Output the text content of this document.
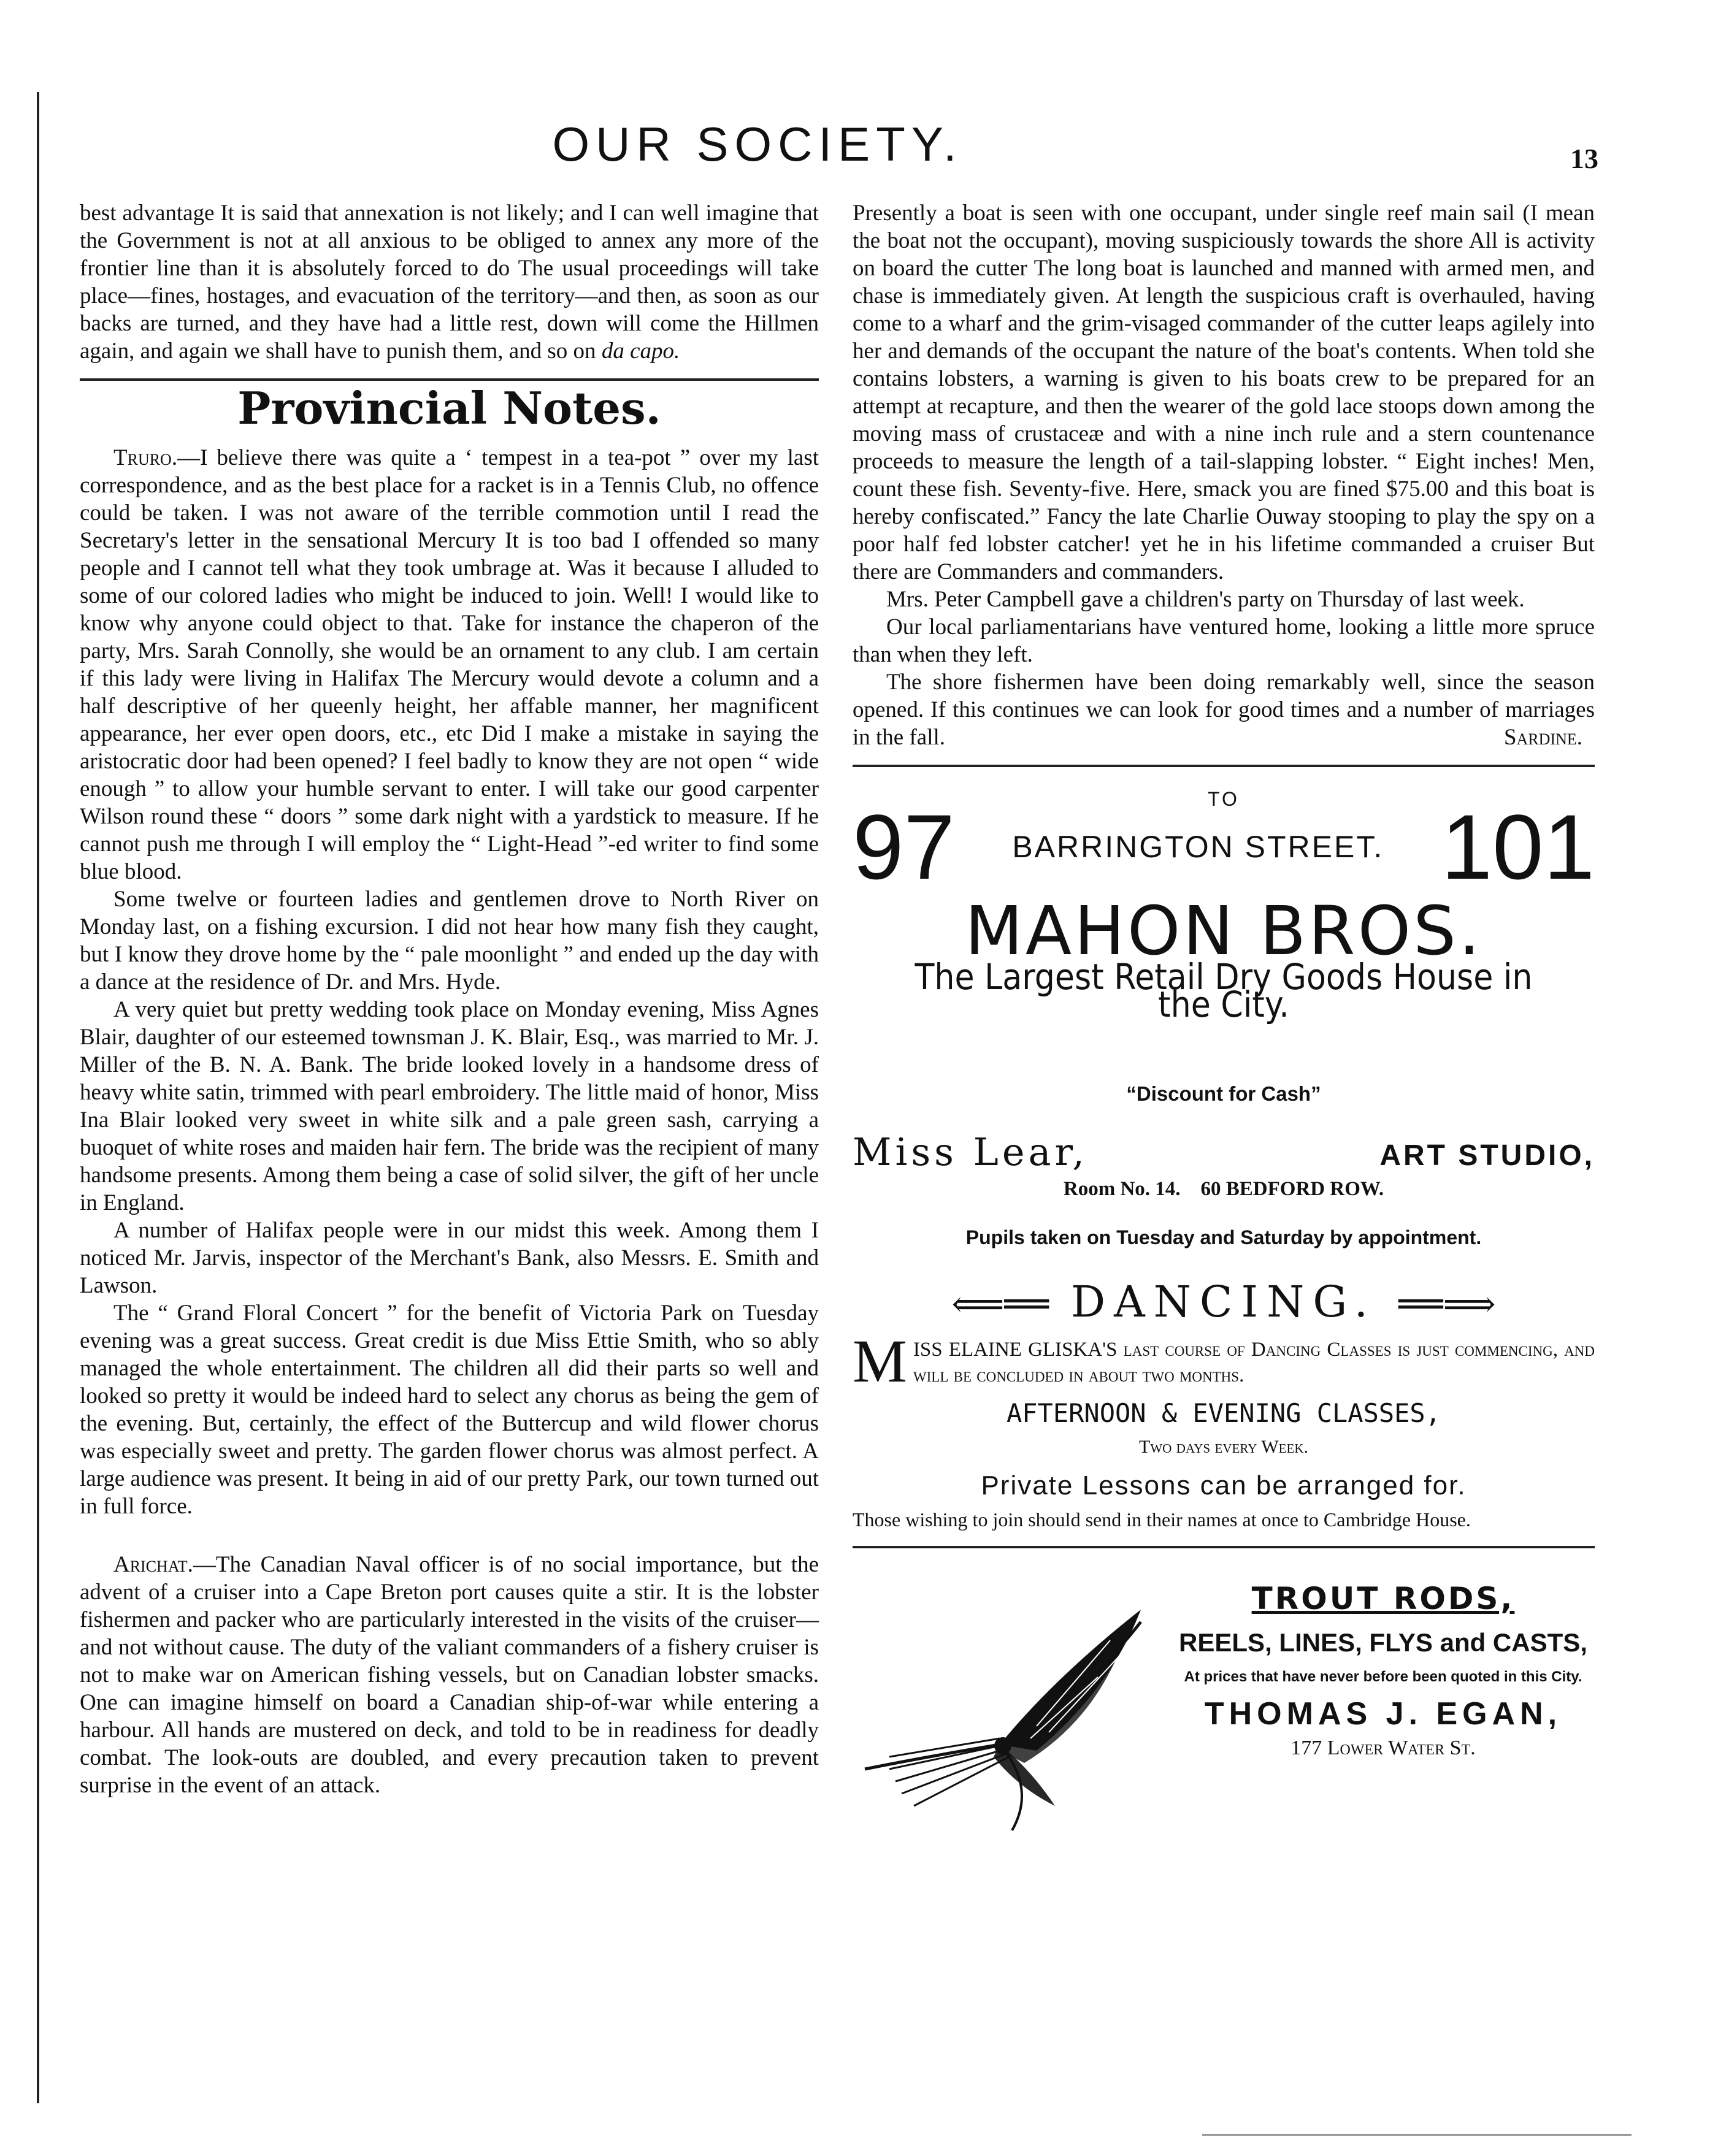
OUR SOCIETY.	13

best advantage It is said that annexation is not likely; and I can well imagine that the Government is not at all anxious to be obliged to annex any more of the frontier line than it is absolutely forced to do The usual proceedings will take place—fines, hostages, and evacuation of the territory—and then, as soon as our backs are turned, and they have had a little rest, down will come the Hillmen again, and again we shall have to punish them, and so on da capo.

Provincial Notes.

Truro.—I believe there was quite a ‘ tempest in a tea-pot ” over my last correspondence, and as the best place for a racket is in a Tennis Club, no offence could be taken. I was not aware of the terrible commotion until I read the Secretary's letter in the sensational Mercury It is too bad I offended so many people and I cannot tell what they took umbrage at. Was it because I alluded to some of our colored ladies who might be induced to join. Well! I would like to know why anyone could object to that. Take for instance the chaperon of the party, Mrs. Sarah Connolly, she would be an ornament to any club. I am certain if this lady were living in Halifax The Mercury would devote a column and a half descriptive of her queenly height, her affable manner, her magnificent appearance, her ever open doors, etc., etc Did I make a mistake in saying the aristocratic door had been opened? I feel badly to know they are not open “ wide enough ” to allow your humble servant to enter. I will take our good carpenter Wilson round these “ doors ” some dark night with a yardstick to measure. If he cannot push me through I will employ the “ Light-Head ”-ed writer to find some blue blood.

Some twelve or fourteen ladies and gentlemen drove to North River on Monday last, on a fishing excursion. I did not hear how many fish they caught, but I know they drove home by the “ pale moonlight ” and ended up the day with a dance at the residence of Dr. and Mrs. Hyde.

A very quiet but pretty wedding took place on Monday evening, Miss Agnes Blair, daughter of our esteemed townsman J. K. Blair, Esq., was married to Mr. J. Miller of the B. N. A. Bank. The bride looked lovely in a handsome dress of heavy white satin, trimmed with pearl embroidery. The little maid of honor, Miss Ina Blair looked very sweet in white silk and a pale green sash, carrying a buoquet of white roses and maiden hair fern. The bride was the recipient of many handsome presents. Among them being a case of solid silver, the gift of her uncle in England.

A number of Halifax people were in our midst this week. Among them I noticed Mr. Jarvis, inspector of the Merchant's Bank, also Messrs. E. Smith and Lawson.

The “ Grand Floral Concert ” for the benefit of Victoria Park on Tuesday evening was a great success. Great credit is due Miss Ettie Smith, who so ably managed the whole entertainment. The children all did their parts so well and looked so pretty it would be indeed hard to select any chorus as being the gem of the evening. But, certainly, the effect of the Buttercup and wild flower chorus was especially sweet and pretty. The garden flower chorus was almost perfect. A large audience was present. It being in aid of our pretty Park, our town turned out in full force.

Arichat.—The Canadian Naval officer is of no social importance, but the advent of a cruiser into a Cape Breton port causes quite a stir. It is the lobster fishermen and packer who are particularly interested in the visits of the cruiser—and not without cause. The duty of the valiant commanders of a fishery cruiser is not to make war on American fishing vessels, but on Canadian lobster smacks. One can imagine himself on board a Canadian ship-of-war while entering a harbour. All hands are mustered on deck, and told to be in readiness for deadly combat. The look-outs are doubled, and every precaution taken to prevent surprise in the event of an attack.

Presently a boat is seen with one occupant, under single reef main sail (I mean the boat not the occupant), moving suspiciously towards the shore All is activity on board the cutter The long boat is launched and manned with armed men, and chase is immediately given. At length the suspicious craft is overhauled, having come to a wharf and the grim-visaged commander of the cutter leaps agilely into her and demands of the occupant the nature of the boat's contents. When told she contains lobsters, a warning is given to his boats crew to be prepared for an attempt at recapture, and then the wearer of the gold lace stoops down among the moving mass of crustaceæ and with a nine inch rule and a stern countenance proceeds to measure the length of a tail-slapping lobster. “ Eight inches! Men, count these fish. Seventy-five. Here, smack you are fined $75.00 and this boat is hereby confiscated.” Fancy the late Charlie Ouway stooping to play the spy on a poor half fed lobster catcher! yet he in his lifetime commanded a cruiser But there are Commanders and commanders.

Mrs. Peter Campbell gave a children's party on Thursday of last week.

Our local parliamentarians have ventured home, looking a little more spruce than when they left.

The shore fishermen have been doing remarkably well, since the season opened. If this continues we can look for good times and a number of marriages in the fall.	Sardine.

TO
97 BARRINGTON STREET. 101
MAHON BROS.
The Largest Retail Dry Goods House in the City.
“Discount for Cash”
Miss Lear,	ART STUDIO,
Room No. 14. 60 BEDFORD ROW.
Pupils taken on Tuesday and Saturday by appointment.
⟸══ DANCING. ══⟹
MISS ELAINE GLISKA'S last course of Dancing Classes is just commencing, and will be concluded in about two months.
AFTERNOON & EVENING CLASSES,
Two days every Week.
Private Lessons can be arranged for.
Those wishing to join should send in their names at once to Cambridge House.
TROUT RODS,
REELS, LINES, FLYS and CASTS,
At prices that have never before been quoted in this City.
THOMAS J. EGAN,
177 Lower Water St.
